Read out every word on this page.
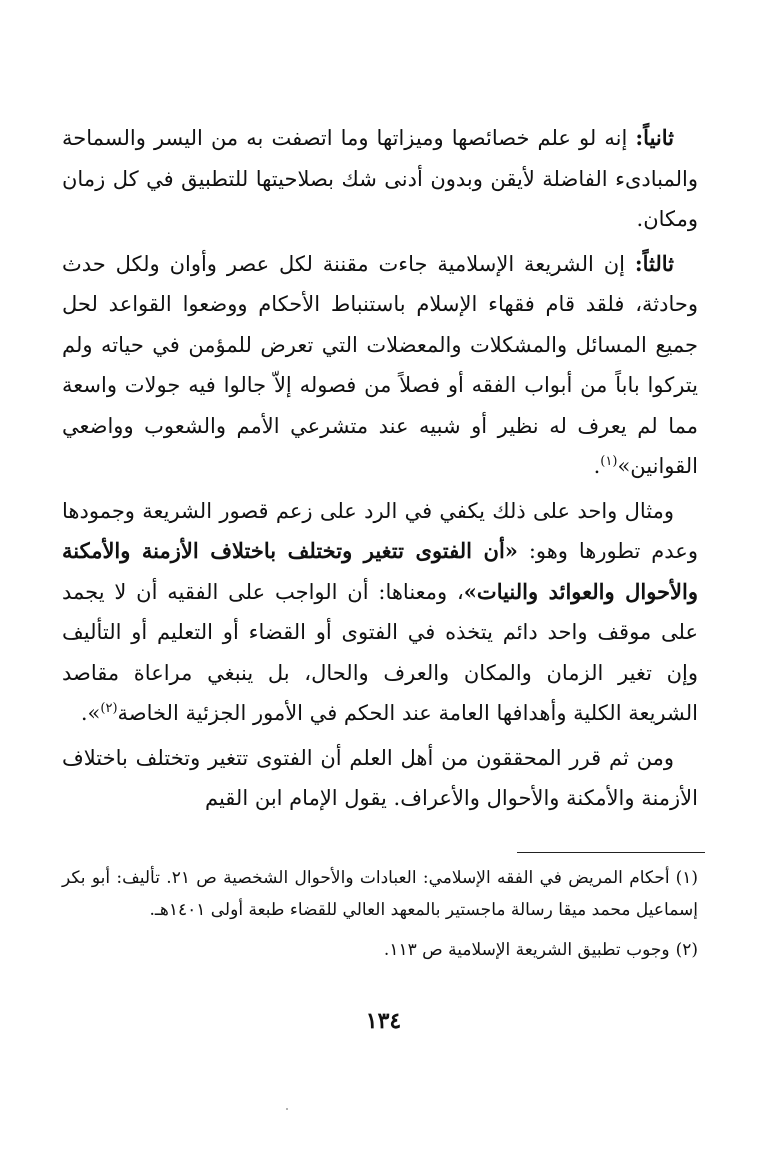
ثانياً: إنه لو علم خصائصها وميزاتها وما اتصفت به من اليسر والسماحة والمبادىء الفاضلة لأيقن وبدون أدنى شك بصلاحيتها للتطبيق في كل زمان ومكان.

ثالثاً: إن الشريعة الإسلامية جاءت مقننة لكل عصر وأوان ولكل حدث وحادثة، فلقد قام فقهاء الإسلام باستنباط الأحكام ووضعوا القواعد لحل جميع المسائل والمشكلات والمعضلات التي تعرض للمؤمن في حياته ولم يتركوا باباً من أبواب الفقه أو فصلاً من فصوله إلاّ جالوا فيه جولات واسعة مما لم يعرف له نظير أو شبيه عند متشرعي الأمم والشعوب وواضعي القوانين»$^{(١)}$.

ومثال واحد على ذلك يكفي في الرد على زعم قصور الشريعة وجمودها وعدم تطورها وهو: «أن الفتوى تتغير وتختلف باختلاف الأزمنة والأمكنة والأحوال والعوائد والنيات»، ومعناها: أن الواجب على الفقيه أن لا يجمد على موقف واحد دائم يتخذه في الفتوى أو القضاء أو التعليم أو التأليف وإن تغير الزمان والمكان والعرف والحال، بل ينبغي مراعاة مقاصد الشريعة الكلية وأهدافها العامة عند الحكم في الأمور الجزئية الخاصة$^{(٢)}$».

ومن ثم قرر المحققون من أهل العلم أن الفتوى تتغير وتختلف باختلاف الأزمنة والأمكنة والأحوال والأعراف. يقول الإمام ابن القيم

(١)أحكام المريض في الفقه الإسلامي: العبادات والأحوال الشخصية ص ٢١. تأليف: أبو بكر إسماعيل محمد ميقا رسالة ماجستير بالمعهد العالي للقضاء طبعة أولى ١٤٠١هـ.

(٢)وجوب تطبيق الشريعة الإسلامية ص ١١٣.

١٣٤
